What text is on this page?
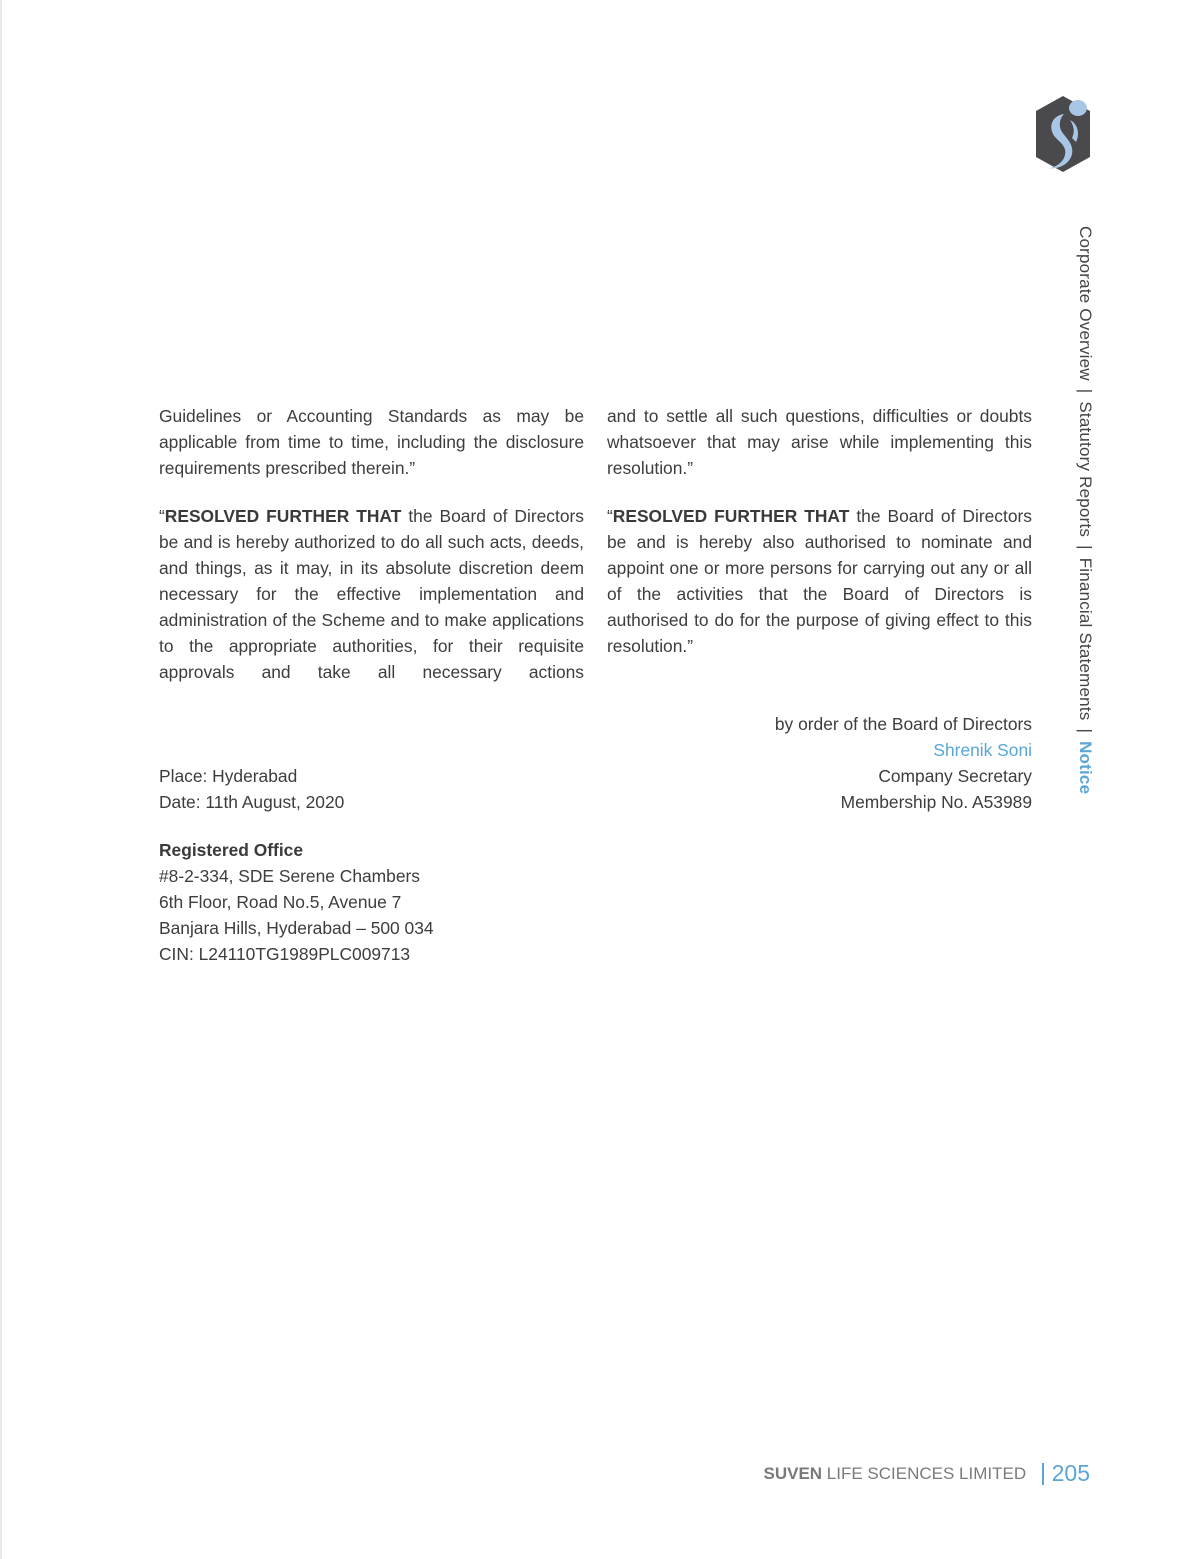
Corporate Overview|Statutory Reports|Financial Statements|Notice

Guidelines or Accounting Standards as may be applicable from time to time, including the disclosure requirements prescribed therein.”

“RESOLVED FURTHER THAT the Board of Directors be and is hereby authorized to do all such acts, deeds, and things, as it may, in its absolute discretion deem necessary for the effective implementation and administration of the Scheme and to make applications to the appropriate authorities, for their requisite approvals and take all necessary actions

and to settle all such questions, difficulties or doubts whatsoever that may arise while implementing this resolution.”

“RESOLVED FURTHER THAT the Board of Directors be and is hereby also authorised to nominate and appoint one or more persons for carrying out any or all of the activities that the Board of Directors is authorised to do for the purpose of giving effect to this resolution.”

by order of the Board of Directors
Shrenik Soni
Company Secretary
Membership No. A53989
Place: Hyderabad
Date: 11th August, 2020
Registered Office
#8-2-334, SDE Serene Chambers
6th Floor, Road No.5, Avenue 7
Banjara Hills, Hyderabad – 500 034
CIN: L24110TG1989PLC009713
SUVEN LIFE SCIENCES LIMITED 205
